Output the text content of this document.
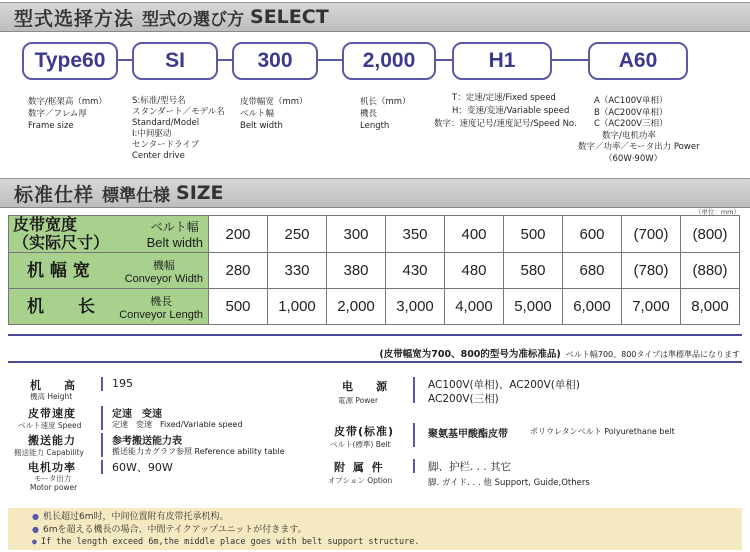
型式选择方法 型式の選び方 SELECT
Type60	SI	300	2,000	H1	A60
数字/框架高（mm）
数字／フレム厚
Frame size
S:标准/型号名
スタンダート／モデル名
Standard/Model
I:中间驱动
センタードライブ
Center drive
皮带幅宽（mm）
ベルト幅
Belt width
机长（mm）
機長
Length
T：定速/定速/Fixed speed
H：变速/変速/Variable speed
数字：速度记号/速度記号/Speed No.
A（AC100V单相）
B（AC200V单相）
C（AC200V三相）
数字/电机功率
数字／功率／モータ出力 Power
（60W·90W）
标准仕样 標準仕様 SIZE
（単位：mm）
皮带宽度
（实际尺寸）
ベルト幅
Belt width	200	250	300	350	400	500	600	(700)	(800)

机 幅 宽 機幅
Conveyor Width	280	330	380	430	480	580	680	(780)	(880)

机　　长 機長
Conveyor Length	500	1,000	2,000	3,000	4,000	5,000	6,000	7,000	8,000
(皮带幅宽为700、800的型号为准标准品) ベルト幅700、800タイプは準標準品になります
机　高
機高 Height
195
皮带速度
ベルト速度 Speed
定速　变速
定速　変速　Fixed/Variable speed
搬送能力
搬送能力 Capability
参考搬送能力表
搬送能力カグラフ参照 Reference ability table
电机功率
モータ出力
Motor power
60W、90W
电　源
電源 Power
AC100V(单相)、AC200V(单相)
AC200V(三相)
皮带(标准)
ベルト(標準) Belt
聚氨基甲酸酯皮带	ポリウレタンベルト Polyurethane belt
附 属 件
オプション Option
脚、护栏. . . 其它
脚. ガイド. . . 他 Support, Guide,Others
● 机长超过6m时，中间位置附有皮带托承机构。
● 6mを超える機長の場合、中間テイクアップユニットが付きます。
● If the length exceed 6m,the middle place goes with belt support structure.
